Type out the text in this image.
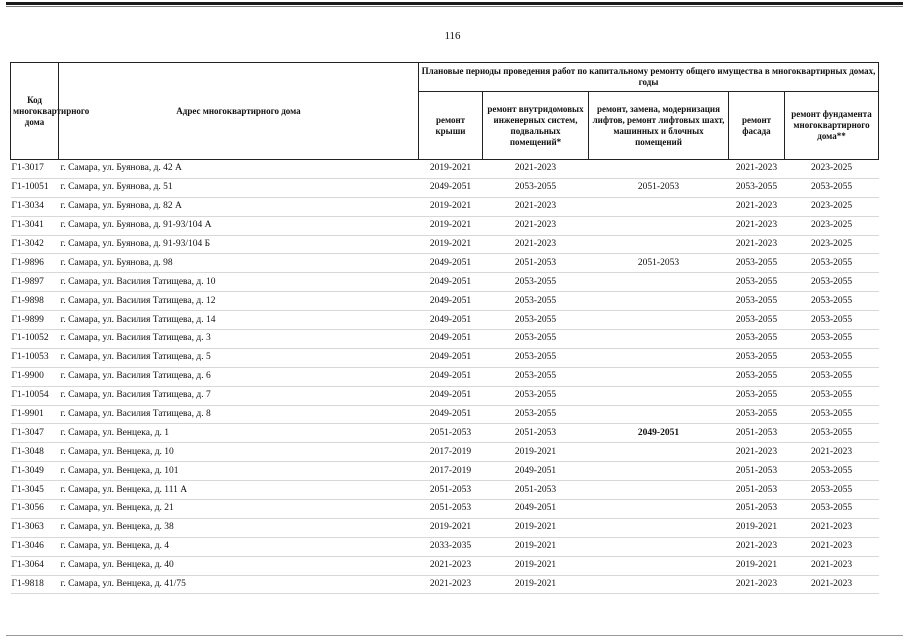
116
Код многоквартирного дома	Адрес многоквартирного дома	Плановые периоды проведения работ по капитальному ремонту общего имущества в многоквартирных домах, годы				
		ремонт крыши	ремонт внутридомовых инженерных систем, подвальных помещений*	ремонт, замена, модернизация лифтов, ремонт лифтовых шахт, машинных и блочных помещений	ремонт фасада	ремонт фундамента многоквартирного дома**
Г1-3017	г. Самара, ул. Буянова, д. 42 А	2019-2021	2021-2023		2021-2023	2023-2025
Г1-10051	г. Самара, ул. Буянова, д. 51	2049-2051	2053-2055	2051-2053	2053-2055	2053-2055
Г1-3034	г. Самара, ул. Буянова, д. 82 А	2019-2021	2021-2023		2021-2023	2023-2025
Г1-3041	г. Самара, ул. Буянова, д. 91-93/104 А	2019-2021	2021-2023		2021-2023	2023-2025
Г1-3042	г. Самара, ул. Буянова, д. 91-93/104 Б	2019-2021	2021-2023		2021-2023	2023-2025
Г1-9896	г. Самара, ул. Буянова, д. 98	2049-2051	2051-2053	2051-2053	2053-2055	2053-2055
Г1-9897	г. Самара, ул. Василия Татищева, д. 10	2049-2051	2053-2055		2053-2055	2053-2055
Г1-9898	г. Самара, ул. Василия Татищева, д. 12	2049-2051	2053-2055		2053-2055	2053-2055
Г1-9899	г. Самара, ул. Василия Татищева, д. 14	2049-2051	2053-2055		2053-2055	2053-2055
Г1-10052	г. Самара, ул. Василия Татищева, д. 3	2049-2051	2053-2055		2053-2055	2053-2055
Г1-10053	г. Самара, ул. Василия Татищева, д. 5	2049-2051	2053-2055		2053-2055	2053-2055
Г1-9900	г. Самара, ул. Василия Татищева, д. 6	2049-2051	2053-2055		2053-2055	2053-2055
Г1-10054	г. Самара, ул. Василия Татищева, д. 7	2049-2051	2053-2055		2053-2055	2053-2055
Г1-9901	г. Самара, ул. Василия Татищева, д. 8	2049-2051	2053-2055		2053-2055	2053-2055
Г1-3047	г. Самара, ул. Венцека, д. 1	2051-2053	2051-2053	2049-2051	2051-2053	2053-2055
Г1-3048	г. Самара, ул. Венцека, д. 10	2017-2019	2019-2021		2021-2023	2021-2023
Г1-3049	г. Самара, ул. Венцека, д. 101	2017-2019	2049-2051		2051-2053	2053-2055
Г1-3045	г. Самара, ул. Венцека, д. 111 А	2051-2053	2051-2053		2051-2053	2053-2055
Г1-3056	г. Самара, ул. Венцека, д. 21	2051-2053	2049-2051		2051-2053	2053-2055
Г1-3063	г. Самара, ул. Венцека, д. 38	2019-2021	2019-2021		2019-2021	2021-2023
Г1-3046	г. Самара, ул. Венцека, д. 4	2033-2035	2019-2021		2021-2023	2021-2023
Г1-3064	г. Самара, ул. Венцека, д. 40	2021-2023	2019-2021		2019-2021	2021-2023
Г1-9818	г. Самара, ул. Венцека, д. 41/75	2021-2023	2019-2021		2021-2023	2021-2023
